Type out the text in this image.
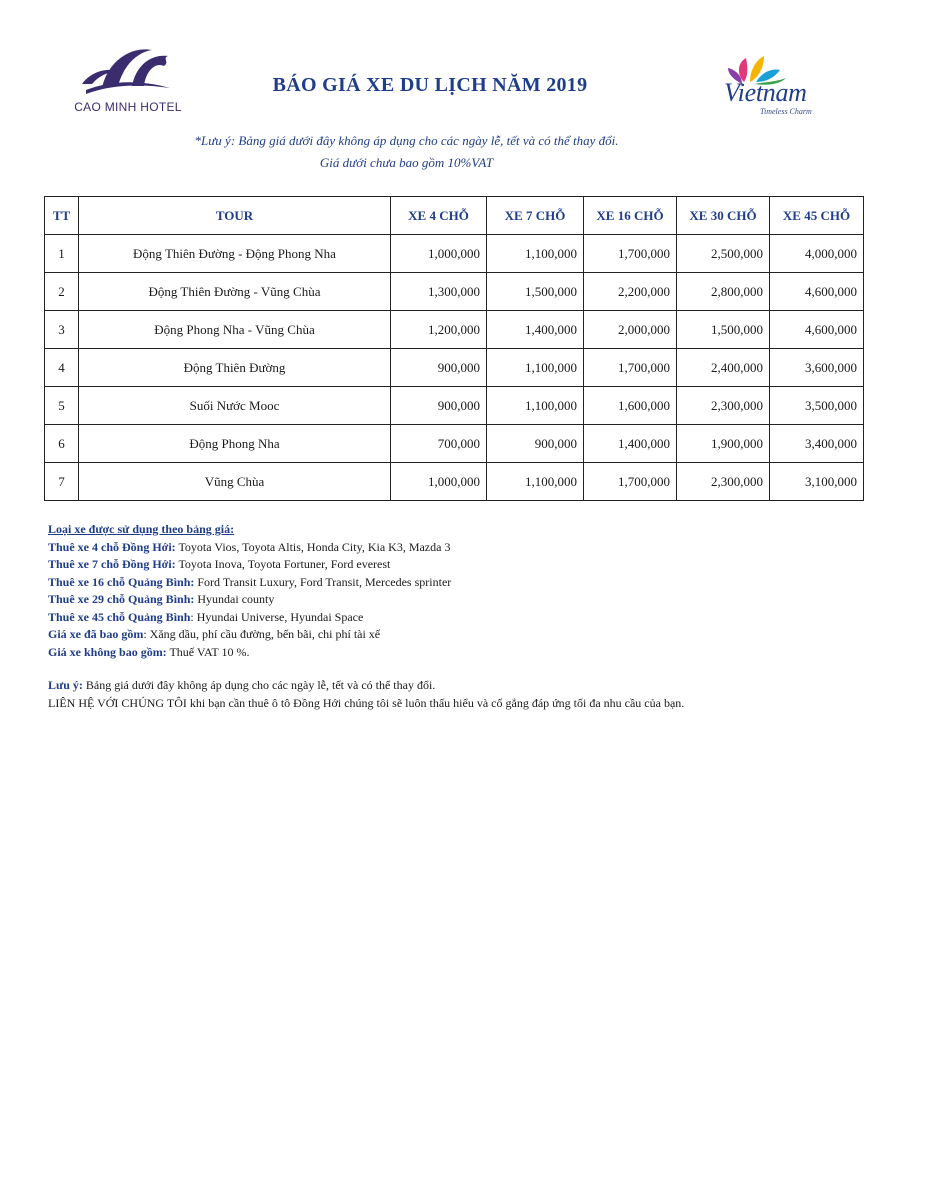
CAO MINH HOTEL
BÁO GIÁ XE DU LỊCH NĂM 2019	Vietnam
Timeless Charm
*Lưu ý: Bảng giá dưới đây không áp dụng cho các ngày lễ, tết và có thể thay đổi.
Giá dưới chưa bao gồm 10%VAT
TT	TOUR	XE 4 CHỖ	XE 7 CHỖ	XE 16 CHỖ	XE 30 CHỖ	XE 45 CHỖ
1	Động Thiên Đường - Động Phong Nha	1,000,000	1,100,000	1,700,000	2,500,000	4,000,000
2	Động Thiên Đường - Vũng Chùa	1,300,000	1,500,000	2,200,000	2,800,000	4,600,000
3	Động Phong Nha - Vũng Chùa	1,200,000	1,400,000	2,000,000	1,500,000	4,600,000
4	Động Thiên Đường	900,000	1,100,000	1,700,000	2,400,000	3,600,000
5	Suối Nước Mooc	900,000	1,100,000	1,600,000	2,300,000	3,500,000
6	Động Phong Nha	700,000	900,000	1,400,000	1,900,000	3,400,000
7	Vũng Chùa	1,000,000	1,100,000	1,700,000	2,300,000	3,100,000
Loại xe được sử dụng theo bảng giá:
Thuê xe 4 chỗ Đồng Hới: Toyota Vios, Toyota Altis, Honda City, Kia K3, Mazda 3
Thuê xe 7 chỗ Đồng Hới: Toyota Inova, Toyota Fortuner, Ford everest
Thuê xe 16 chỗ Quảng Bình: Ford Transit Luxury, Ford Transit, Mercedes sprinter
Thuê xe 29 chỗ Quảng Bình: Hyundai county
Thuê xe 45 chỗ Quảng Bình: Hyundai Universe, Hyundai Space
Giá xe đã bao gồm: Xăng dầu, phí cầu đường, bến bãi, chi phí tài xế
Giá xe không bao gồm: Thuế VAT 10 %.
Lưu ý: Bảng giá dưới đây không áp dụng cho các ngày lễ, tết và có thể thay đổi.
LIÊN HỆ VỚI CHÚNG TÔI khi bạn cần thuê ô tô Đồng Hới chúng tôi sẽ luôn thấu hiểu và cố gắng đáp ứng tối đa nhu cầu của bạn.
